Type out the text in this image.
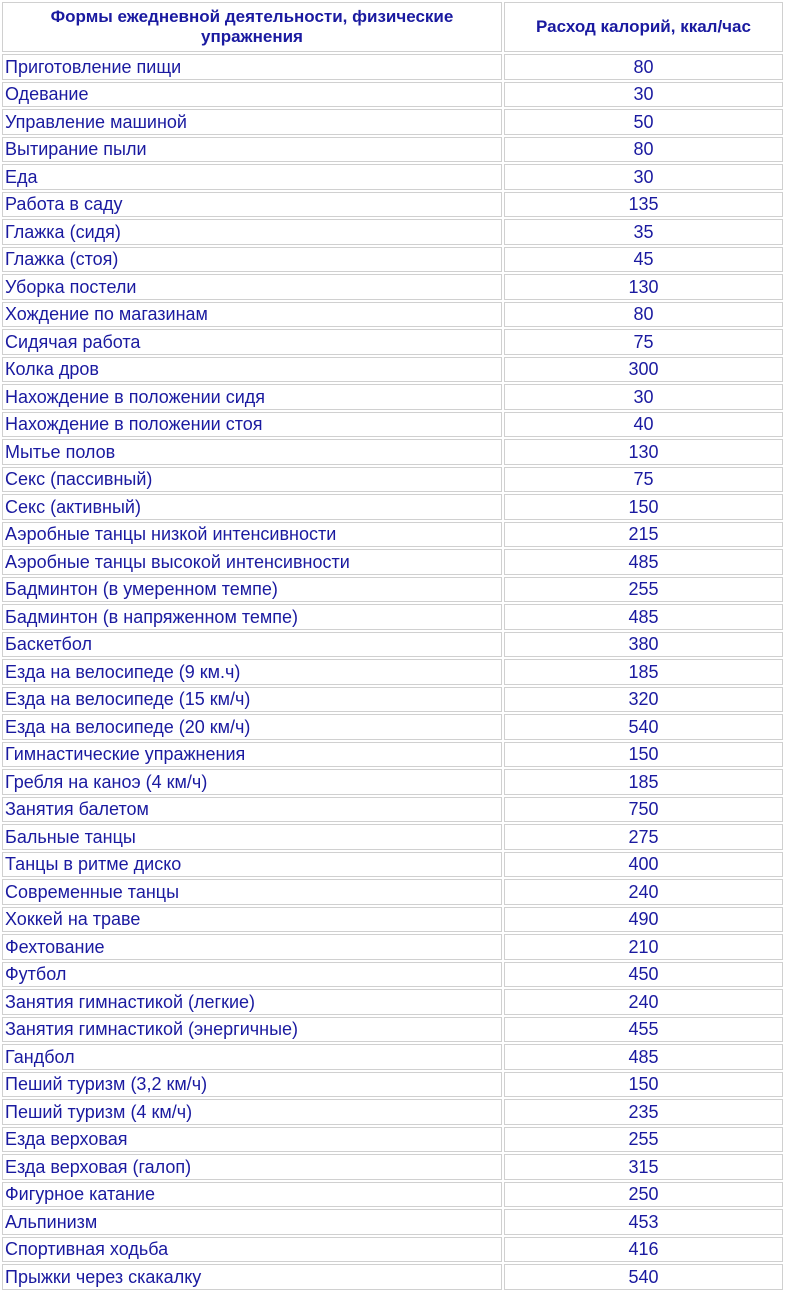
Формы ежедневной деятельности, физические упражнения	Расход калорий, ккал/час
Приготовление пищи	80
Одевание	30
Управление машиной	50
Вытирание пыли	80
Еда	30
Работа в саду	135
Глажка (сидя)	35
Глажка (стоя)	45
Уборка постели	130
Хождение по магазинам	80
Сидячая работа	75
Колка дров	300
Нахождение в положении сидя	30
Нахождение в положении стоя	40
Мытье полов	130
Секс (пассивный)	75
Секс (активный)	150
Аэробные танцы низкой интенсивности	215
Аэробные танцы высокой интенсивности	485
Бадминтон (в умеренном темпе)	255
Бадминтон (в напряженном темпе)	485
Баскетбол	380
Езда на велосипеде (9 км.ч)	185
Езда на велосипеде (15 км/ч)	320
Езда на велосипеде (20 км/ч)	540
Гимнастические упражнения	150
Гребля на каноэ (4 км/ч)	185
Занятия балетом	750
Бальные танцы	275
Танцы в ритме диско	400
Современные танцы	240
Хоккей на траве	490
Фехтование	210
Футбол	450
Занятия гимнастикой (легкие)	240
Занятия гимнастикой (энергичные)	455
Гандбол	485
Пеший туризм (3,2 км/ч)	150
Пеший туризм (4 км/ч)	235
Езда верховая	255
Езда верховая (галоп)	315
Фигурное катание	250
Альпинизм	453
Спортивная ходьба	416
Прыжки через скакалку	540
